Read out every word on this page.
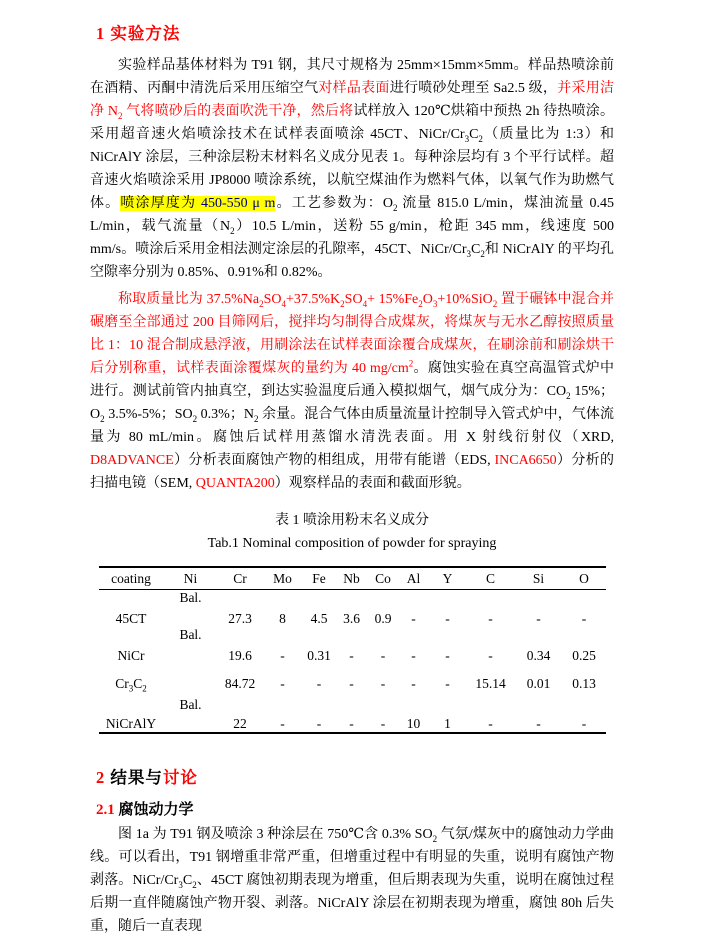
1 实验方法

实验样品基体材料为 T91 钢，其尺寸规格为 25mm×15mm×5mm。样品热喷涂前在酒精、丙酮中清洗后采用压缩空气对样品表面进行喷砂处理至 Sa2.5 级，并采用洁净 $N_2$ 气将喷砂后的表面吹洗干净，然后将试样放入 120℃烘箱中预热 2h 待热喷涂。采用超音速火焰喷涂技术在试样表面喷涂 45CT、NiCr/$Cr_3C_2$（质量比为 1:3）和 NiCrAlY 涂层，三种涂层粉末材料名义成分见表 1。每种涂层均有 3 个平行试样。超音速火焰喷涂采用 JP8000 喷涂系统，以航空煤油作为燃料气体，以氧气作为助燃气体。喷涂厚度为 450-550 μ m。工艺参数为：$O_2$ 流量 815.0 L/min，煤油流量 0.45 L/min，载气流量$(N_2)10.5$ L/min，送粉 55 g/min，枪距 345 mm，线速度 500 mm/s。喷涂后采用金相法测定涂层的孔隙率，45CT、NiCr/$Cr_3C_2$和 NiCrAlY 的平均孔空隙率分别为 0.85%、0.91%和 0.82%。

称取质量比为 $37.5\%Na_2SO_4+37.5\%K_2SO_4+ 15\%Fe_2O_3+10\%SiO_2$ 置于碾钵中混合并碾磨至全部通过 200 目筛网后，搅拌均匀制得合成煤灰，将煤灰与无水乙醇按照质量比 1：10 混合制成悬浮液，用刷涂法在试样表面涂覆合成煤灰，在刷涂前和刷涂烘干后分别称重，试样表面涂覆煤灰的量约为 40 $mg/cm^2$。腐蚀实验在真空高温管式炉中进行。测试前管内抽真空，到达实验温度后通入模拟烟气，烟气成分为：$CO_2$ 15%；$O_2$ 3.5%-5%；$SO_2$ 0.3%；$N_2$ 余量。混合气体由质量流量计控制导入管式炉中，气体流量为 80 mL/min。腐蚀后试样用蒸馏水清洗表面。用 X 射线衍射仪（XRD, D8ADVANCE）分析表面腐蚀产物的相组成，用带有能谱（EDS, INCA6650）分析的扫描电镜（SEM, QUANTA200）观察样品的表面和截面形貌。

表 1 喷涂用粉末名义成分
Tab.1 Nominal composition of powder for spraying
coating	Ni	Cr	Mo	Fe	Nb	Co	Al	Y	C	Si	O
45CT	Bal.	27.3	8	4.5	3.6	0.9	-	-	-	-	-
NiCr	Bal.	19.6	-	0.31	-	-	-	-	-	0.34	0.25
$Cr_3C_2$		84.72	-	-	-	-	-	-	15.14	0.01	0.13
NiCrAlY	Bal.	22	-	-	-	-	10	1	-	-	-
2 结果与讨论
2.1 腐蚀动力学

图 1a 为 T91 钢及喷涂 3 种涂层在 750℃含 0.3% $SO_2$ 气氛/煤灰中的腐蚀动力学曲线。可以看出，T91 钢增重非常严重，但增重过程中有明显的失重，说明有腐蚀产物剥落。NiCr/$Cr_3C_2$、45CT 腐蚀初期表现为增重，但后期表现为失重，说明在腐蚀过程后期一直伴随腐蚀产物开裂、剥落。NiCrAlY 涂层在初期表现为增重，腐蚀 80h 后失重，随后一直表现
